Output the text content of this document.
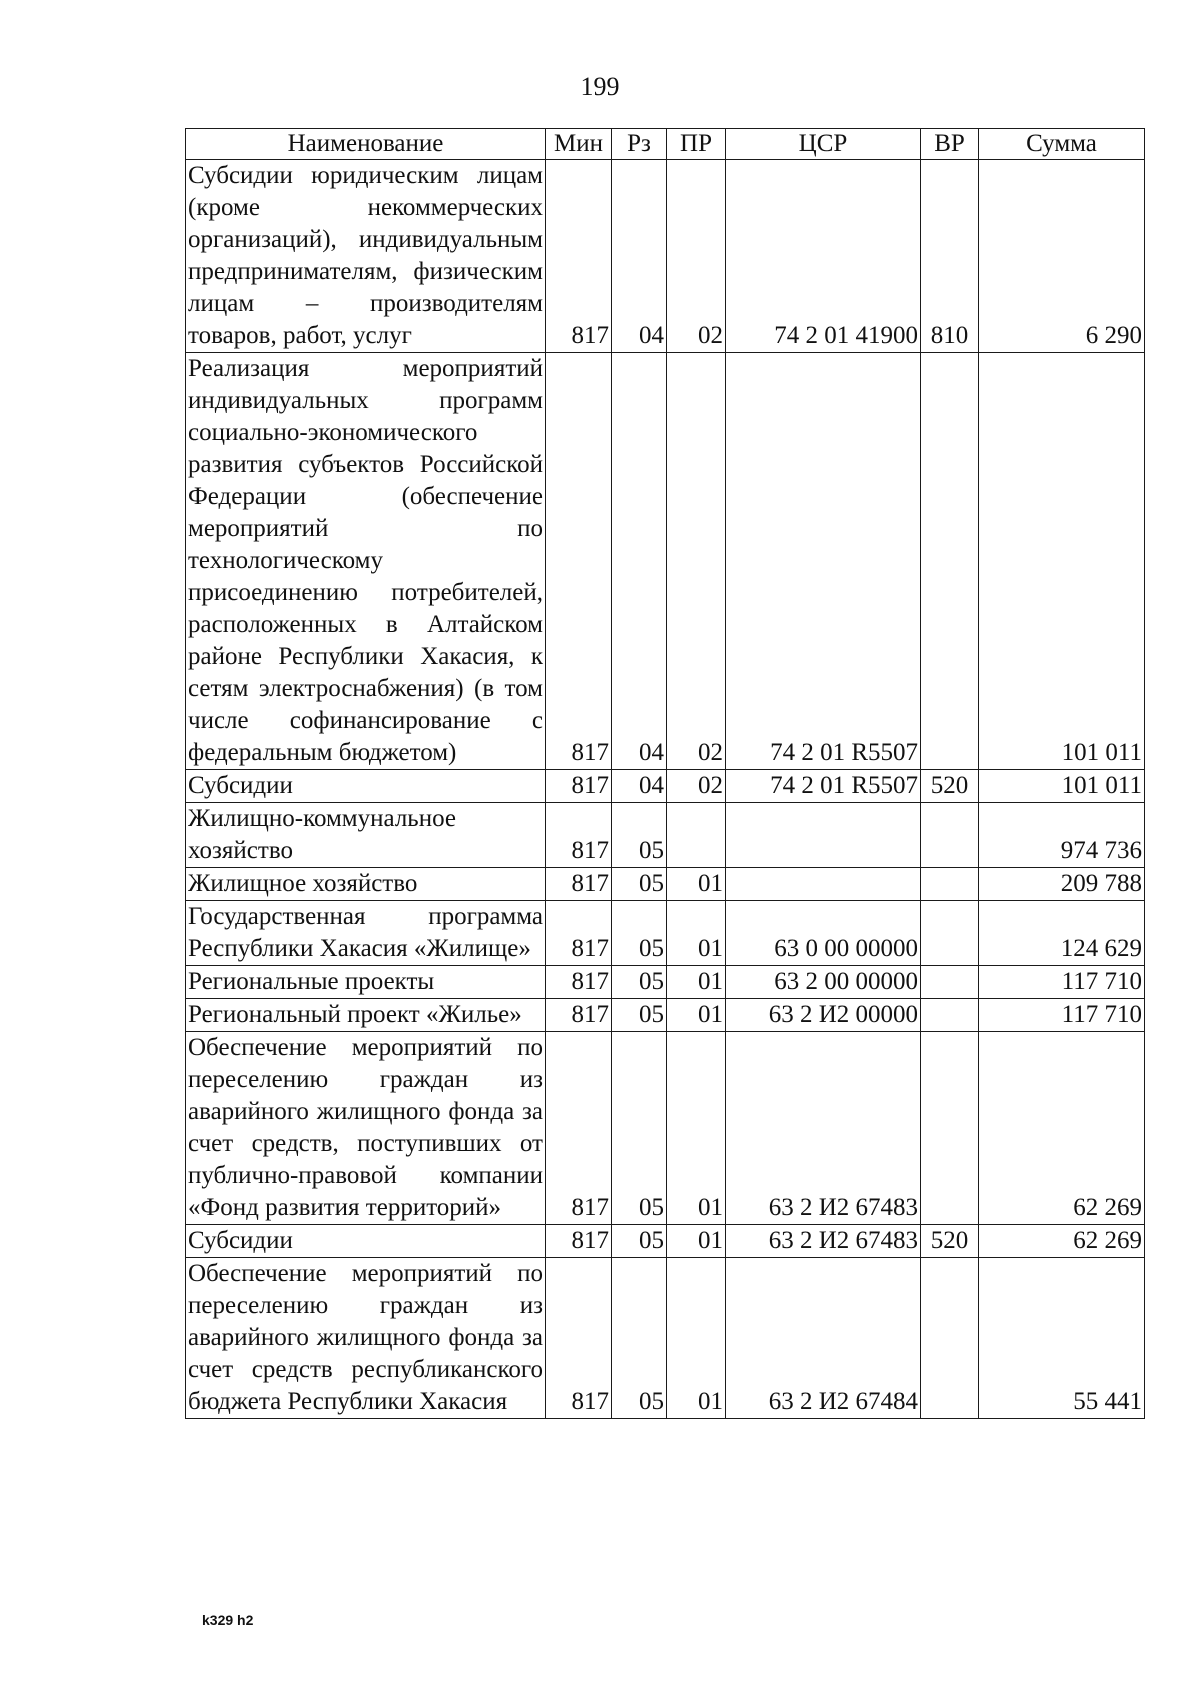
199
Наименование	Мин	Рз	ПР	ЦСР	ВР	Сумма
Субсидии юридическим лицам (кроме некоммерческих организаций), индивидуальным предпринимателям, физическим лицам – производителям товаров, работ, услуг	817	04	02	74 2 01 41900	810	6 290
Реализация мероприятий индивидуальных программ социально-экономического развития субъектов Российской Федерации (обеспечение мероприятий по технологическому присоединению потребителей, расположенных в Алтайском районе Республики Хакасия, к сетям электроснабжения) (в том числе софинансирование с федеральным бюджетом)	817	04	02	74 2 01 R5507		101 011
Субсидии	817	04	02	74 2 01 R5507	520	101 011
Жилищно-коммунальное хозяйство	817	05				974 736
Жилищное хозяйство	817	05	01			209 788
Государственная программа Республики Хакасия «Жилище»	817	05	01	63 0 00 00000		124 629
Региональные проекты	817	05	01	63 2 00 00000		117 710
Региональный проект «Жилье»	817	05	01	63 2 И2 00000		117 710
Обеспечение мероприятий по переселению граждан из аварийного жилищного фонда за счет средств, поступивших от публично-правовой компании «Фонд развития территорий»	817	05	01	63 2 И2 67483		62 269
Субсидии	817	05	01	63 2 И2 67483	520	62 269
Обеспечение мероприятий по переселению граждан из аварийного жилищного фонда за счет средств республиканского бюджета Республики Хакасия	817	05	01	63 2 И2 67484		55 441
k329 h2
